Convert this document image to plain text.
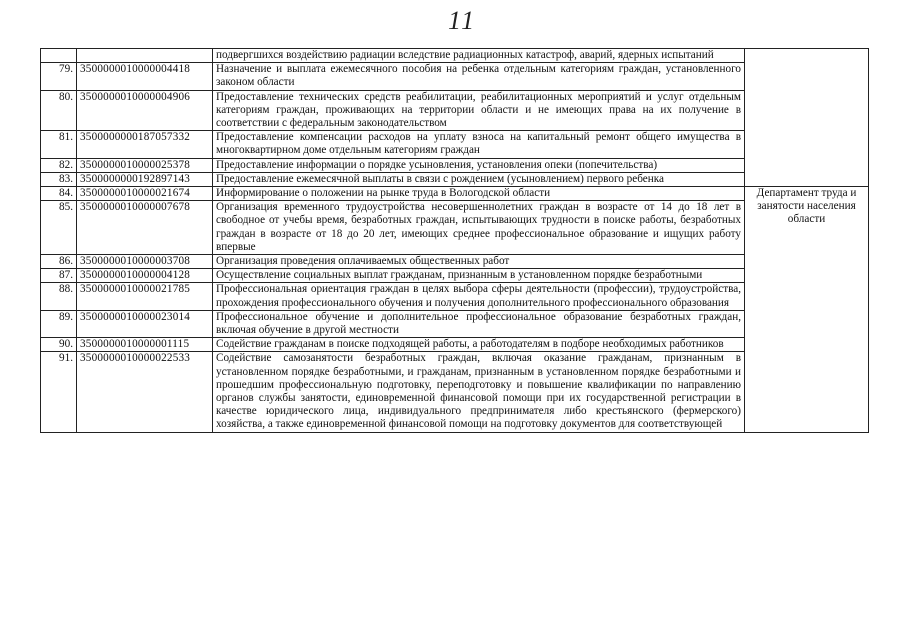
11
		подвергшихся воздействию радиации вследствие радиационных катастроф, аварий, ядерных испытаний	
79.	3500000010000004418	Назначение и выплата ежемесячного пособия на ребенка отдельным категориям граждан, установленного законом области	
80.	3500000010000004906	Предоставление технических средств реабилитации, реабилитационных мероприятий и услуг отдельным категориям граждан, проживающих на территории области и не имеющих права на их получение в соответствии с федеральным законодательством	
81.	3500000000187057332	Предоставление компенсации расходов на уплату взноса на капитальный ремонт общего имущества в многоквартирном доме отдельным категориям граждан	
82.	3500000010000025378	Предоставление информации о порядке усыновления, установления опеки (попечительства)	
83.	3500000000192897143	Предоставление ежемесячной выплаты в связи с рождением (усыновлением) первого ребенка	
84.	3500000010000021674	Информирование о положении на рынке труда в Вологодской области	Департамент труда и занятости населения области
85.	3500000010000007678	Организация временного трудоустройства несовершеннолетних граждан в возрасте от 14 до 18 лет в свободное от учебы время, безработных граждан, испытывающих трудности в поиске работы, безработных граждан в возрасте от 18 до 20 лет, имеющих среднее профессиональное образование и ищущих работу впервые	
86.	3500000010000003708	Организация проведения оплачиваемых общественных работ	
87.	3500000010000004128	Осуществление социальных выплат гражданам, признанным в установленном порядке безработными	
88.	3500000010000021785	Профессиональная ориентация граждан в целях выбора сферы деятельности (профессии), трудоустройства, прохождения профессионального обучения и получения дополнительного профессионального образования	
89.	3500000010000023014	Профессиональное обучение и дополнительное профессиональное образование безработных граждан, включая обучение в другой местности	
90.	3500000010000001115	Содействие гражданам в поиске подходящей работы, а работодателям в подборе необходимых работников	
91.	3500000010000022533	Содействие самозанятости безработных граждан, включая оказание гражданам, признанным в установленном порядке безработными, и гражданам, признанным в установленном порядке безработными и прошедшим профессиональную подготовку, переподготовку и повышение квалификации по направлению органов службы занятости, единовременной финансовой помощи при их государственной регистрации в качестве юридического лица, индивидуального предпринимателя либо крестьянского (фермерского) хозяйства, а также единовременной финансовой помощи на подготовку документов для соответствующей	
